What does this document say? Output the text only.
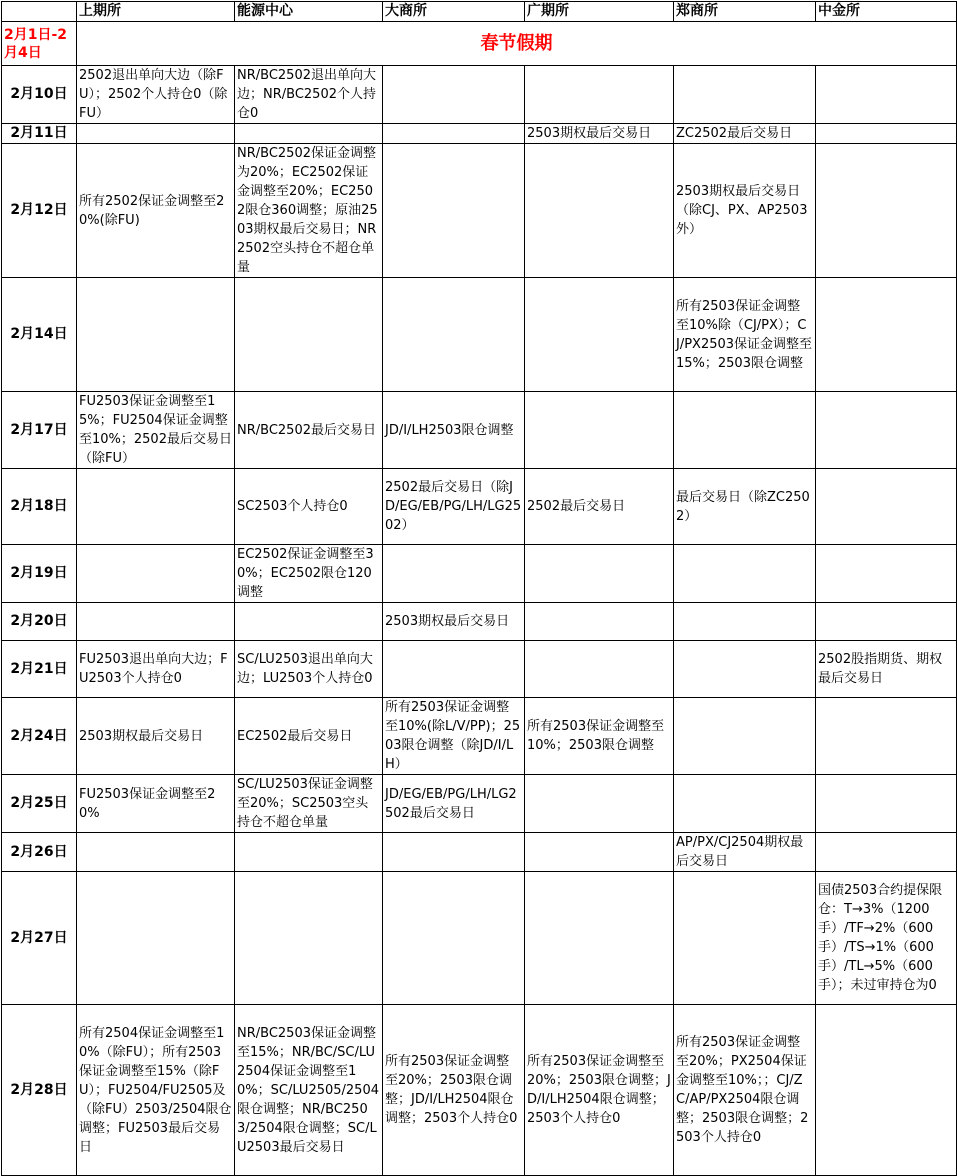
	上期所	能源中心	大商所	广期所	郑商所	中金所
2月1日-2月4日	春节假期					
2月10日	2502退出单向大边（除FU）；2502个人持仓0（除FU）	NR/BC2502退出单向大边；NR/BC2502个人持仓0				
2月11日				2503期权最后交易日	ZC2502最后交易日	
2月12日	所有2502保证金调整至20%(除FU)	NR/BC2502保证金调整为20%；EC2502保证金调整至20%；EC2502限仓360调整；原油2503期权最后交易日；NR2502空头持仓不超仓单量			2503期权最后交易日（除CJ、PX、AP2503外）	
2月14日					所有2503保证金调整至10%除（CJ/PX）；CJ/PX2503保证金调整至15%；2503限仓调整	
2月17日	FU2503保证金调整至15%；FU2504保证金调整至10%；2502最后交易日（除FU）	NR/BC2502最后交易日	JD/I/LH2503限仓调整			
2月18日		SC2503个人持仓0	2502最后交易日（除JD/EG/EB/PG/LH/LG2502）	2502最后交易日	最后交易日（除ZC2502）	
2月19日		EC2502保证金调整至30%；EC2502限仓120调整				
2月20日			2503期权最后交易日			
2月21日	FU2503退出单向大边；FU2503个人持仓0	SC/LU2503退出单向大边；LU2503个人持仓0				2502股指期货、期权最后交易日
2月24日	2503期权最后交易日	EC2502最后交易日	所有2503保证金调整至10%(除L/V/PP)；2503限仓调整（除JD/I/LH）	所有2503保证金调整至10%；2503限仓调整		
2月25日	FU2503保证金调整至20%	SC/LU2503保证金调整至20%；SC2503空头持仓不超仓单量	JD/EG/EB/PG/LH/LG2502最后交易日			
2月26日					AP/PX/CJ2504期权最后交易日	
2月27日						国债2503合约提保限仓：T→3%（1200手）/TF→2%（600手）/TS→1%（600手）/TL→5%（600手）；未过审持仓为0
2月28日	所有2504保证金调整至10%（除FU）；所有2503保证金调整至15%（除FU）；FU2504/FU2505及（除FU）2503/2504限仓调整；FU2503最后交易日	NR/BC2503保证金调整至15%；NR/BC/SC/LU2504保证金调整至10%；SC/LU2505/2504限仓调整；NR/BC2503/2504限仓调整；SC/LU2503最后交易日	所有2503保证金调整至20%；2503限仓调整；JD/I/LH2504限仓调整；2503个人持仓0	所有2503保证金调整至20%；2503限仓调整；JD/I/LH2504限仓调整；2503个人持仓0	所有2503保证金调整至20%；PX2504保证金调整至10%；；CJ/ZC/AP/PX2504限仓调整；2503限仓调整；2503个人持仓0	
